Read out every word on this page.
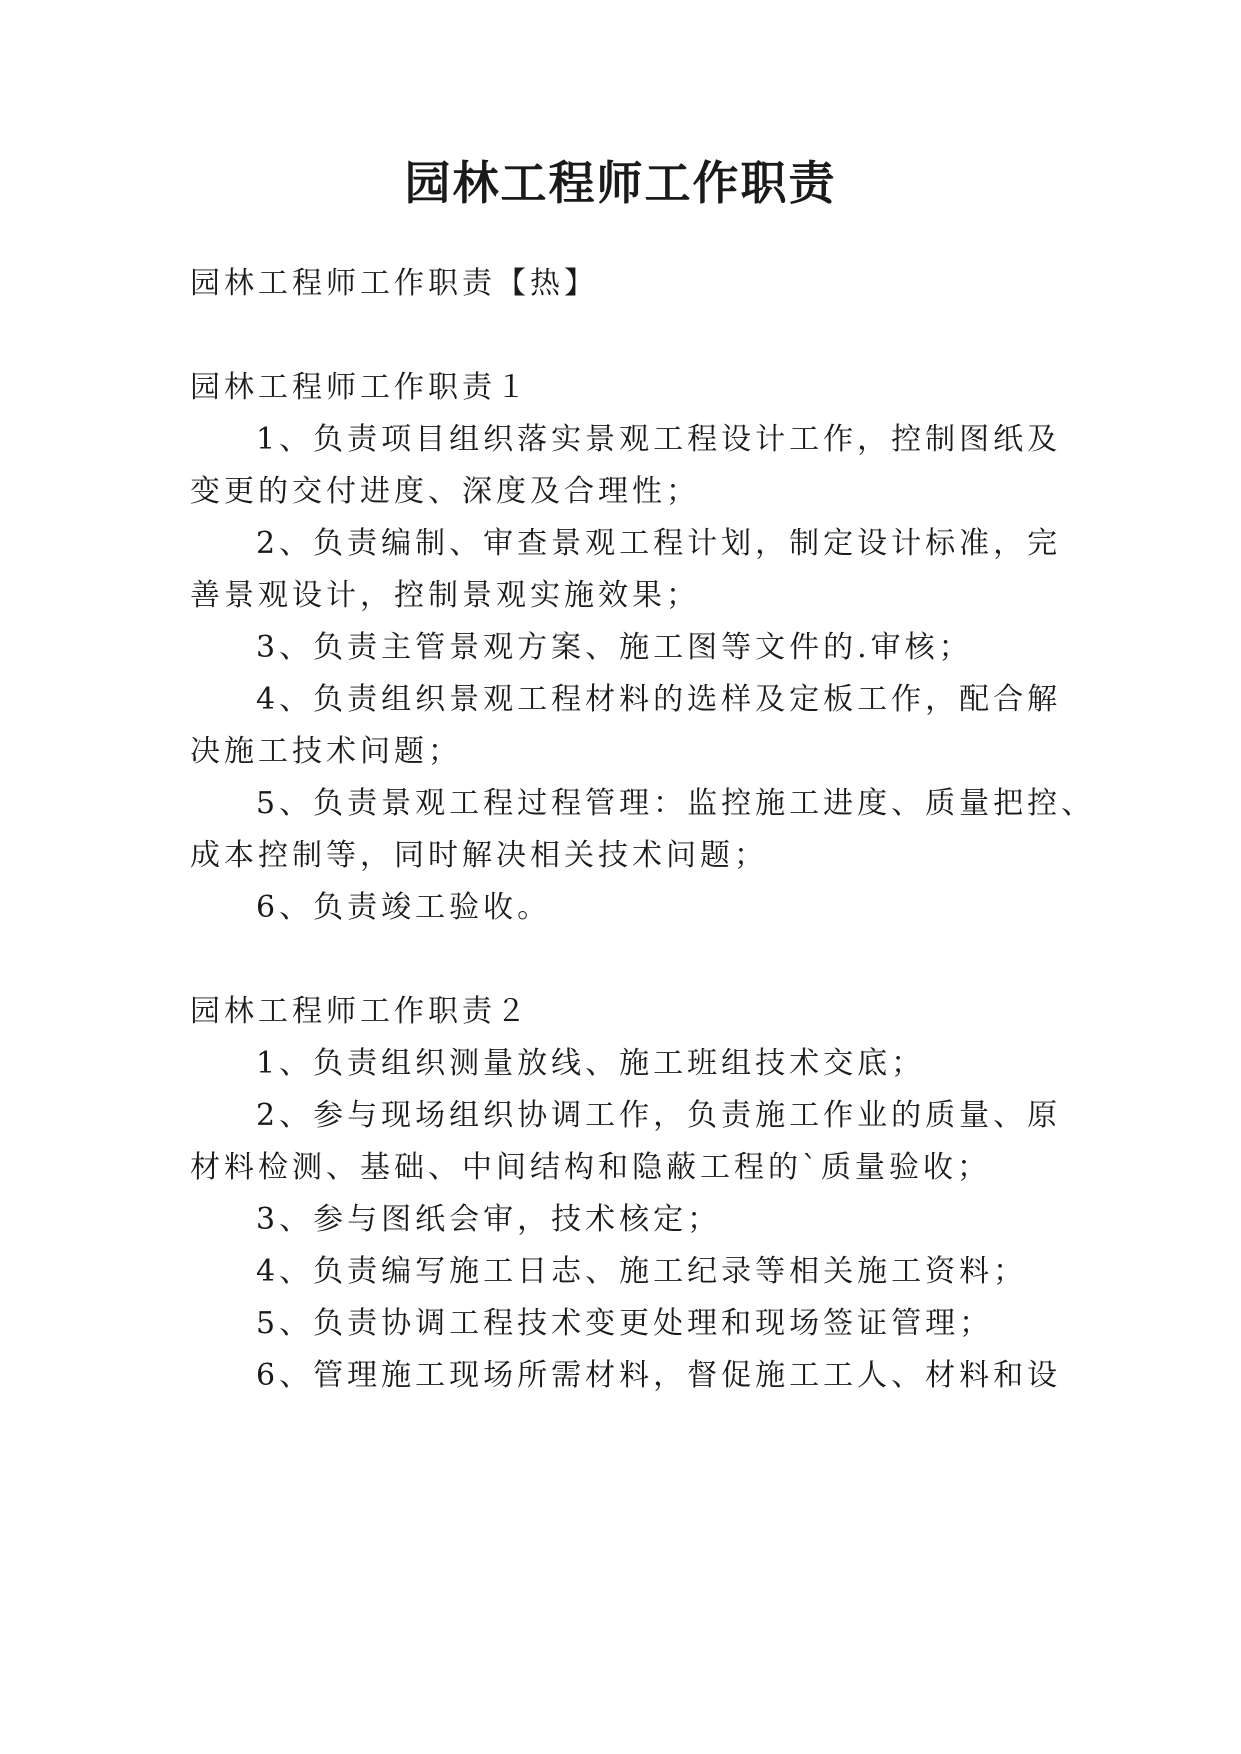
园林工程师工作职责
园林工程师工作职责【热】
园林工程师工作职责１
1、负责项目组织落实景观工程设计工作，控制图纸及
变更的交付进度、深度及合理性；
2、负责编制、审查景观工程计划，制定设计标准，完
善景观设计，控制景观实施效果；
3、负责主管景观方案、施工图等文件的.审核；
4、负责组织景观工程材料的选样及定板工作，配合解
决施工技术问题；
5、负责景观工程过程管理：监控施工进度、质量把控、
成本控制等，同时解决相关技术问题；
6、负责竣工验收。
园林工程师工作职责２
1、负责组织测量放线、施工班组技术交底；
2、参与现场组织协调工作，负责施工作业的质量、原
材料检测、基础、中间结构和隐蔽工程的`质量验收；
3、参与图纸会审，技术核定；
4、负责编写施工日志、施工纪录等相关施工资料；
5、负责协调工程技术变更处理和现场签证管理；
6、管理施工现场所需材料，督促施工工人、材料和设
